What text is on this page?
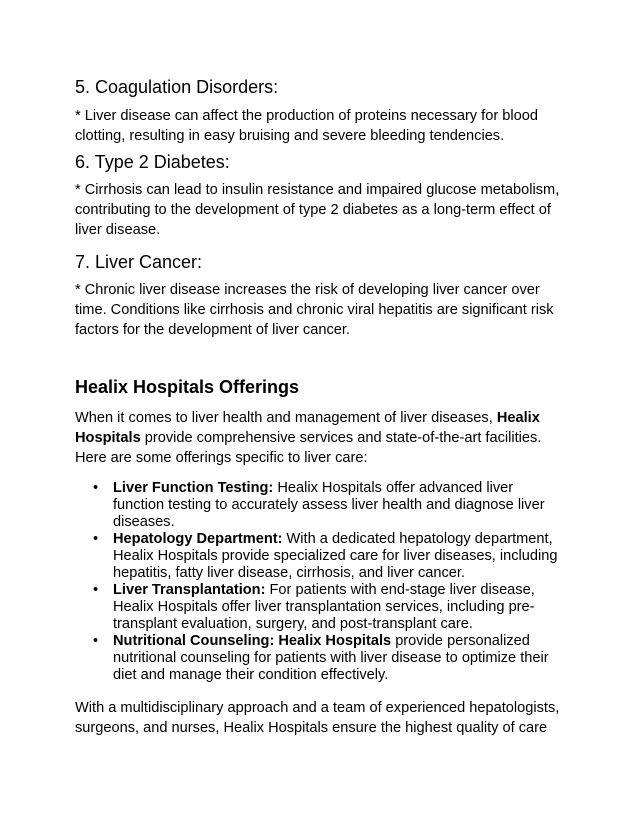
5. Coagulation Disorders:

* Liver disease can affect the production of proteins necessary for blood clotting, resulting in easy bruising and severe bleeding tendencies.

6. Type 2 Diabetes:

* Cirrhosis can lead to insulin resistance and impaired glucose metabolism, contributing to the development of type 2 diabetes as a long-term effect of liver disease.

7. Liver Cancer:

* Chronic liver disease increases the risk of developing liver cancer over time. Conditions like cirrhosis and chronic viral hepatitis are significant risk factors for the development of liver cancer.

Healix Hospitals Offerings

When it comes to liver health and management of liver diseases, Healix Hospitals provide comprehensive services and state-of-the-art facilities. Here are some offerings specific to liver care:

• Liver Function Testing: Healix Hospitals offer advanced liver function testing to accurately assess liver health and diagnose liver diseases.
• Hepatology Department: With a dedicated hepatology department, Healix Hospitals provide specialized care for liver diseases, including hepatitis, fatty liver disease, cirrhosis, and liver cancer.
• Liver Transplantation: For patients with end-stage liver disease, Healix Hospitals offer liver transplantation services, including pre-transplant evaluation, surgery, and post-transplant care.
• Nutritional Counseling: Healix Hospitals provide personalized nutritional counseling for patients with liver disease to optimize their diet and manage their condition effectively.

With a multidisciplinary approach and a team of experienced hepatologists, surgeons, and nurses, Healix Hospitals ensure the highest quality of care
